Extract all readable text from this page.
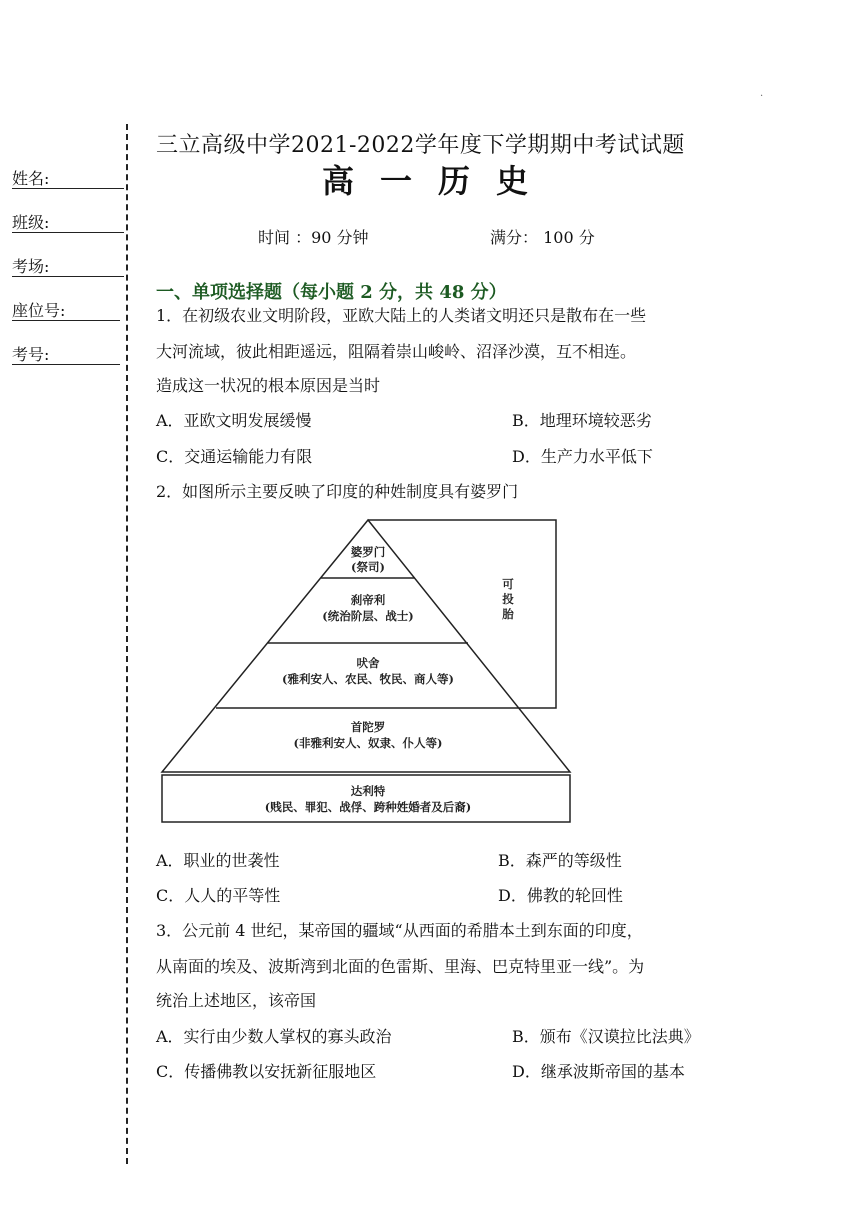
.
姓名:
班级:
考场:
座位号:
考号:
三立高级中学2021-2022学年度下学期期中考试试题
高一历史
时间 ：90 分钟	满分： 100 分
一、单项选择题（每小题 2 分，共 48 分）
1．在初级农业文明阶段，亚欧大陆上的人类诸文明还只是散布在一些
大河流域，彼此相距遥远，阻隔着崇山峻岭、沼泽沙漠，互不相连。
造成这一状况的根本原因是当时
A．亚欧文明发展缓慢	B．地理环境较恶劣
C．交通运输能力有限	D．生产力水平低下
2．如图所示主要反映了印度的种姓制度具有婆罗门
婆罗门
(祭司)
刹帝利
(统治阶层、战士)
吠舍
(雅利安人、农民、牧民、商人等)
首陀罗
(非雅利安人、奴隶、仆人等)
达利特
(贱民、罪犯、战俘、跨种姓婚者及后裔)
可
投
胎
A．职业的世袭性	B．森严的等级性
C．人人的平等性	D．佛教的轮回性
3．公元前 4 世纪，某帝国的疆域“从西面的希腊本土到东面的印度，
从南面的埃及、波斯湾到北面的色雷斯、里海、巴克特里亚一线”。为
统治上述地区，该帝国
A．实行由少数人掌权的寡头政治	B．颁布《汉谟拉比法典》
C．传播佛教以安抚新征服地区	D．继承波斯帝国的基本
